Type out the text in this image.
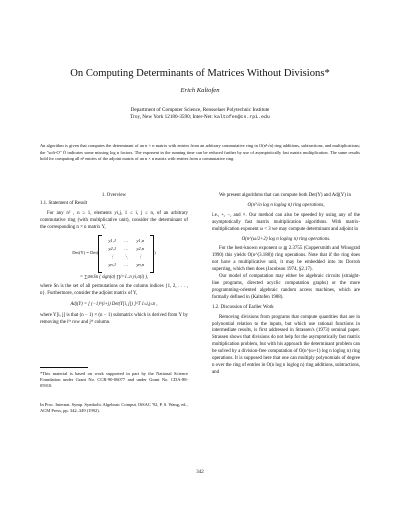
On Computing Determinants of Matrices Without Divisions*
Erich Kaltofen
Department of Computer Science, Rensselaer Polytechnic Institute
Troy, New York 12180-3590; Inter-Net: kaltofen@cs.rpi.edu
An algorithm is given that computes the determinant of an n × n matrix with entries from an arbitrary commutative ring in O(n³√n) ring additions, subtractions, and multiplications; the "soft-O" Õ indicates some missing log n factors. The exponent in the running time can be reduced further by use of asymptotically fast matrix multiplication. The same results hold for computing all n² entries of the adjoint matrix of an n × n matrix with entries from a commutative ring.
1. Overview
1.1. Statement of Result

For any n² , n ≥ 1, elements yi,j, 1 ≤ i, j ≤ n, of an arbitrary commutative ring (with multiplicative unit), consider the determinant of the corresponding n × n matrix Y,

Det(Y) = Det(
y1,1	…	y1,n
y2,1	…	y2,n
⋮	⋱	⋮
yn,1	…	yn,n
)
= ∑σ∈Sn ( sign(σ) ∏i=1..n yi,σ(i) ),

where Sn is the set of all permutations on the column indices {1, 2, . . . , n}. Furthermore, consider the adjoint matrix of Y,

Adj(Y) = [ (−1)^(i+j) Det(Y[i, j]) ]^T 1≤i,j≤n ,

where Y[i, j] is that (n − 1) × (n − 1) submatrix which is derived from Y by removing the iᵗʰ row and jᵗʰ column.

*This material is based on work supported in part by the National Science Foundation under Grant No. CCR-90-06077 and under Grant No. CDA-88-05910.
In Proc. Internat. Symp. Symbolic Algebraic Comput. ISSAC '92, P. S. Wang, ed., ACM Press, pp. 342–349 (1992).

We present algorithms that can compute both Det(Y) and Adj(Y) in

O(n³√n log n loglog n) ring operations,

i.e., +, −, and ×. Our method can also be speeded by using any of the asymptotically fast matrix multiplication algorithms. With matrix-multiplication exponent ω < 3 we may compute determinant and adjoint in

O(n^(ω/2+2) log n loglog n) ring operations.

For the best-known exponent ω ≦ 2.3755 (Coppersmith and Winograd 1990) this yields O(n^(3.188)) ring operations. Note that if the ring does not have a multiplicative unit, it may be embedded into its Dorroh superring, which then does (Jacobson 1974, §2.17).

Our model of computation may either be algebraic circuits (straight-line programs, directed acyclic computation graphs) or the more programming-oriented algebraic random access machines, which are formally defined in (Kaltofen 1988).

1.2. Discussion of Earlier Work

Removing divisions from programs that compute quantities that are in polynomial relation to the inputs, but which use rational functions in intermediate results, is first addressed in Strassen's (1973) seminal paper. Strassen shows that divisions do not help for the asymptotically fast matrix multiplication problem, but with his approach the determinant problem can be solved by a division-free computation of O(n^(ω+1) log n loglog n) ring operations. It is supposed here that one can multiply polynomials of degree n over the ring of entries in O(n log n loglog n) ring additions, subtractions, and

342
